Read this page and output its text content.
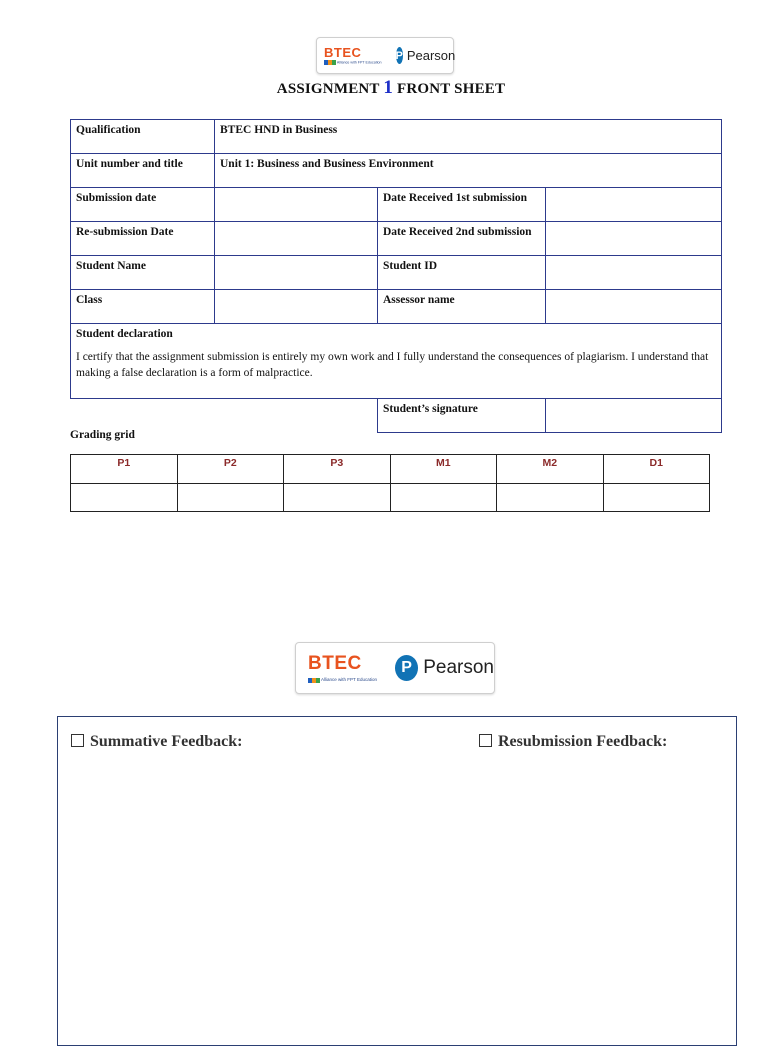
BTEC
Alliance with FPT Education
P Pearson
ASSIGNMENT 1 FRONT SHEET
Qualification	BTEC HND in Business		
Unit number and title	Unit 1: Business and Business Environment		
Submission date		Date Received 1st submission	
Re-submission Date		Date Received 2nd submission	
Student Name		Student ID	
Class		Assessor name	

Student declaration
I certify that the assignment submission is entirely my own work and I fully understand the consequences of plagiarism. I understand that making a false declaration is a form of malpractice.			

		Student’s signature	
Grading grid
P1	P2	P3	M1	M2	D1

BTEC
Alliance with FPT Education
P Pearson
Summative Feedback:	Resubmission Feedback:
